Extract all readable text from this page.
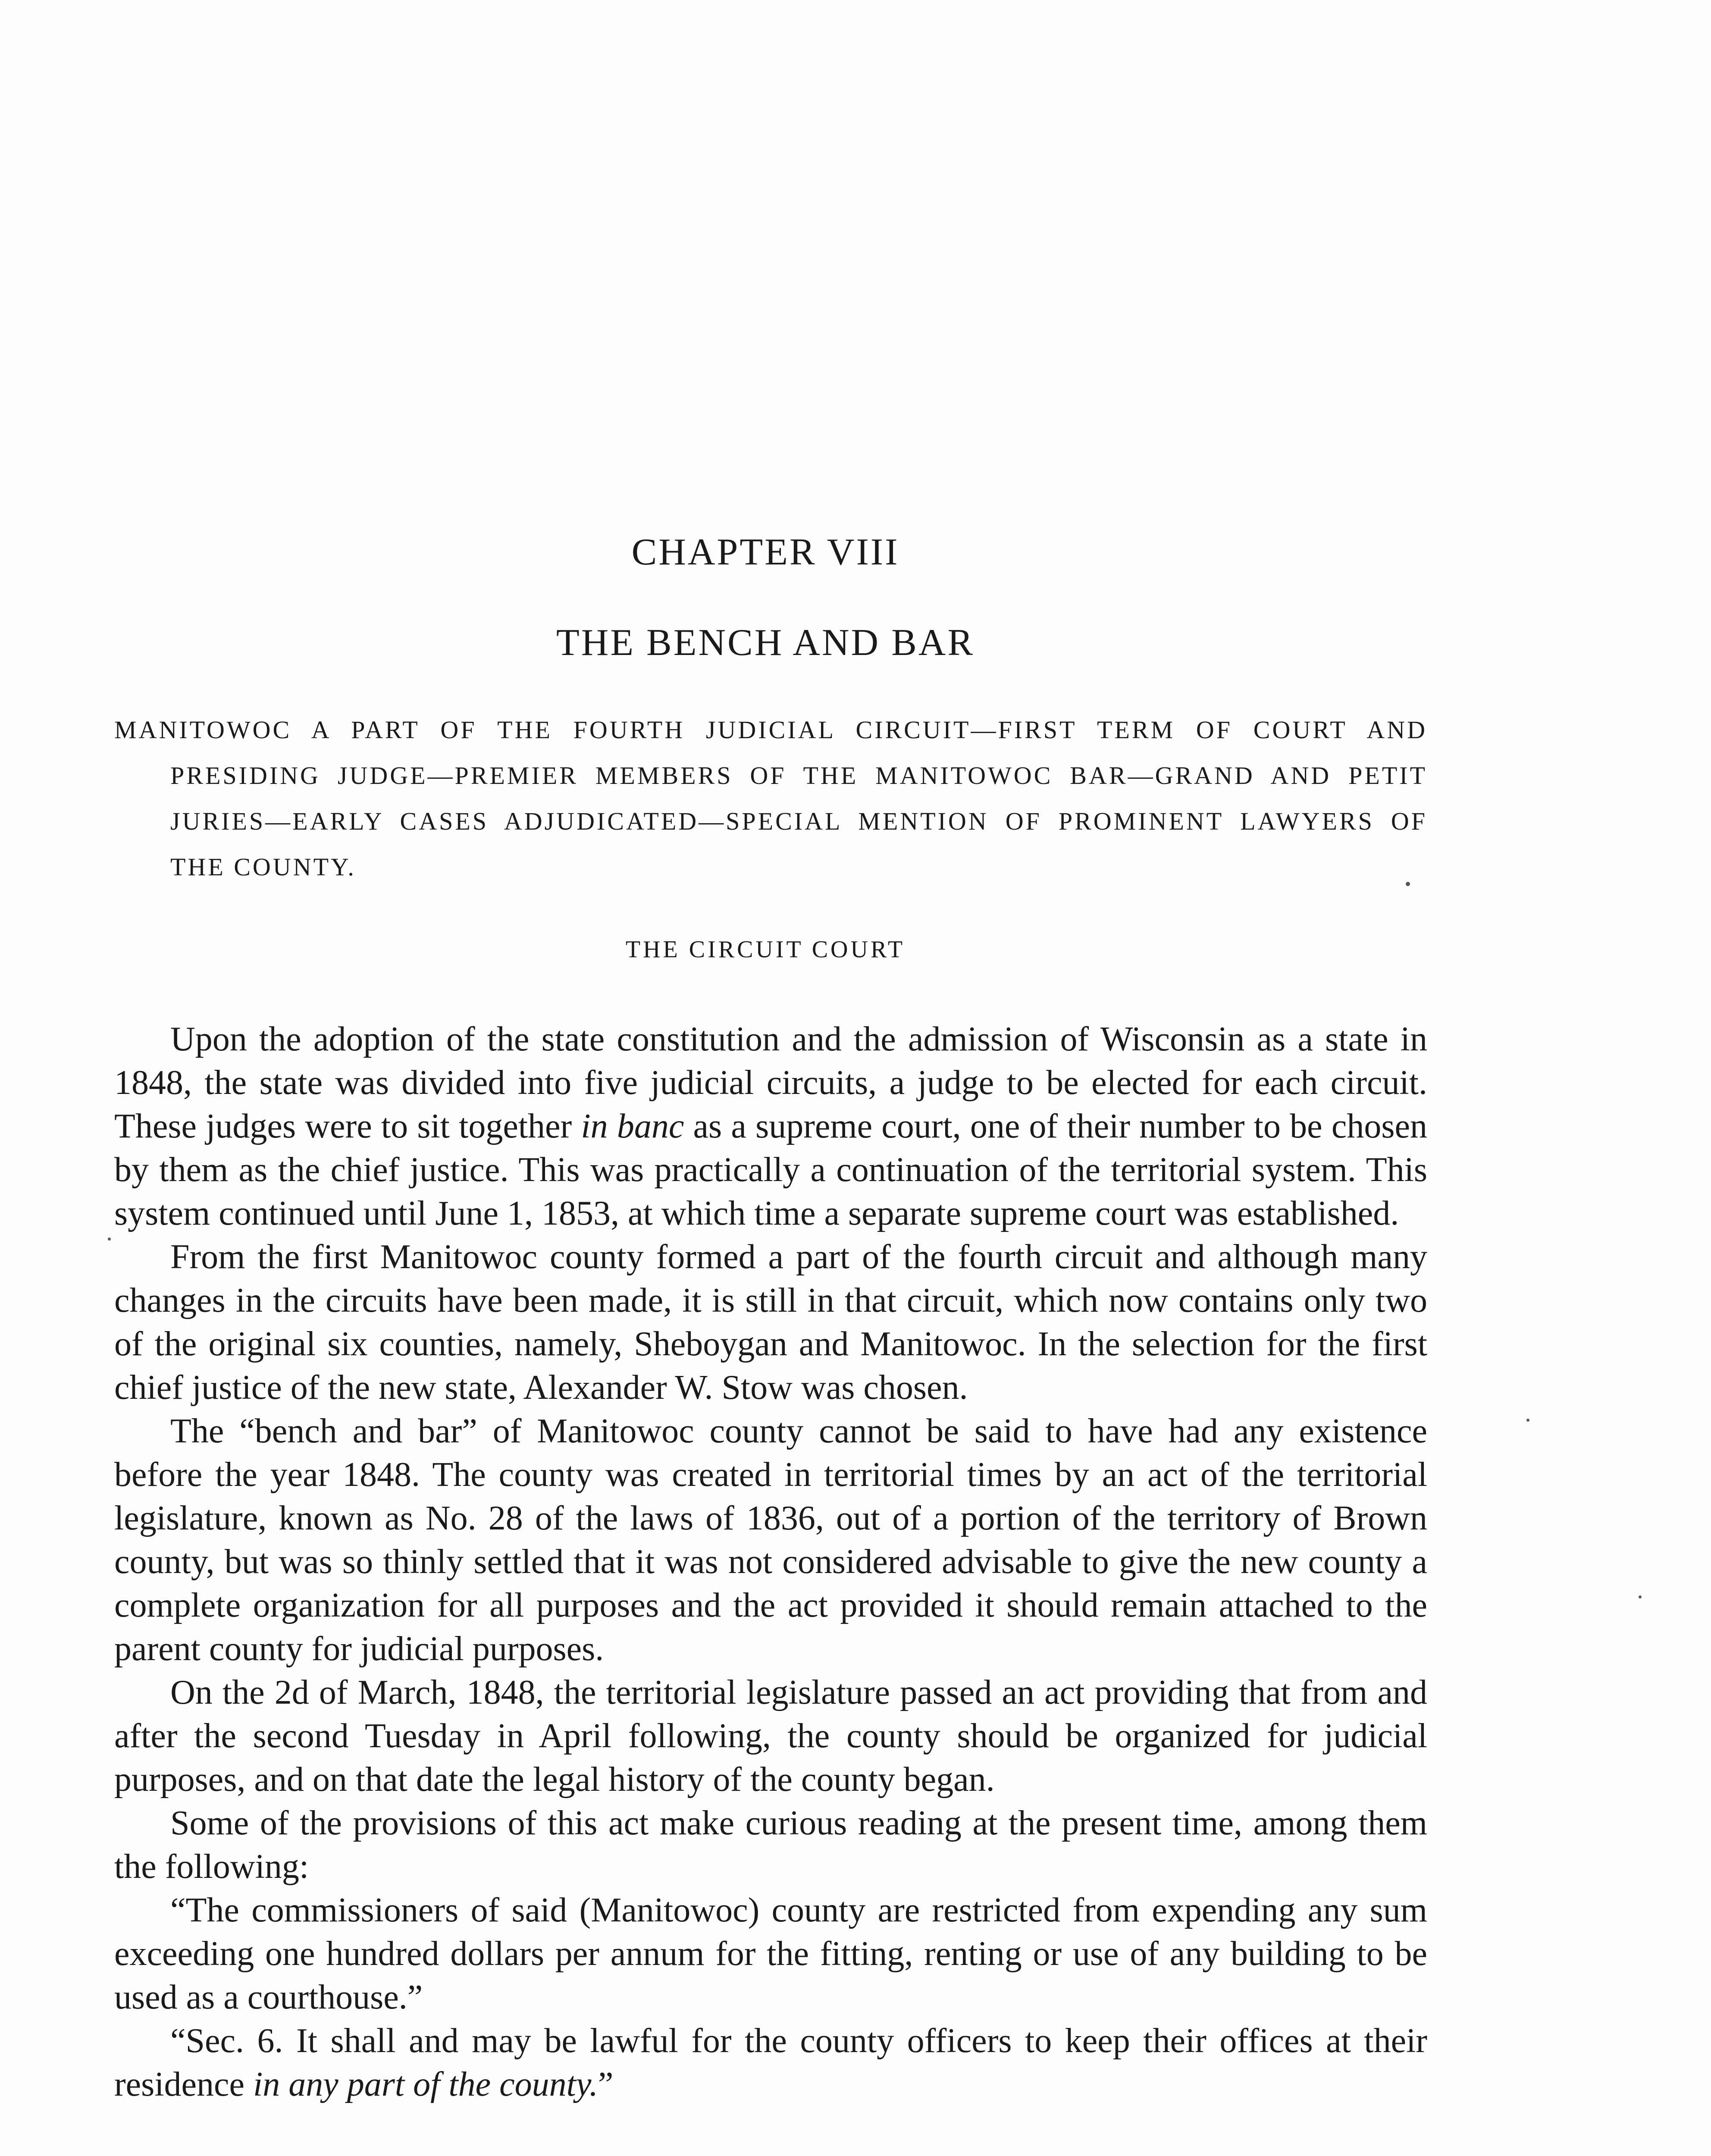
CHAPTER VIII
THE BENCH AND BAR
MANITOWOC A PART OF THE FOURTH JUDICIAL CIRCUIT—FIRST TERM OF COURT AND PRESIDING JUDGE—PREMIER MEMBERS OF THE MANITOWOC BAR—GRAND AND PETIT JURIES—EARLY CASES ADJUDICATED—SPECIAL MENTION OF PROMINENT LAWYERS OF THE COUNTY.
THE CIRCUIT COURT

Upon the adoption of the state constitution and the admission of Wisconsin as a state in 1848, the state was divided into five judicial circuits, a judge to be elected for each circuit. These judges were to sit together in banc as a supreme court, one of their number to be chosen by them as the chief justice. This was practically a continuation of the territorial system. This system continued until June 1, 1853, at which time a separate supreme court was established.

From the first Manitowoc county formed a part of the fourth circuit and although many changes in the circuits have been made, it is still in that circuit, which now contains only two of the original six counties, namely, Sheboygan and Manitowoc. In the selection for the first chief justice of the new state, Alexander W. Stow was chosen.

The “bench and bar” of Manitowoc county cannot be said to have had any existence before the year 1848. The county was created in territorial times by an act of the territorial legislature, known as No. 28 of the laws of 1836, out of a portion of the territory of Brown county, but was so thinly settled that it was not considered advisable to give the new county a complete organization for all purposes and the act provided it should remain attached to the parent county for judicial purposes.

On the 2d of March, 1848, the territorial legislature passed an act providing that from and after the second Tuesday in April following, the county should be organized for judicial purposes, and on that date the legal history of the county began.

Some of the provisions of this act make curious reading at the present time, among them the following:

“The commissioners of said (Manitowoc) county are restricted from expending any sum exceeding one hundred dollars per annum for the fitting, renting or use of any building to be used as a courthouse.”

“Sec. 6. It shall and may be lawful for the county officers to keep their offices at their residence in any part of the county.”
